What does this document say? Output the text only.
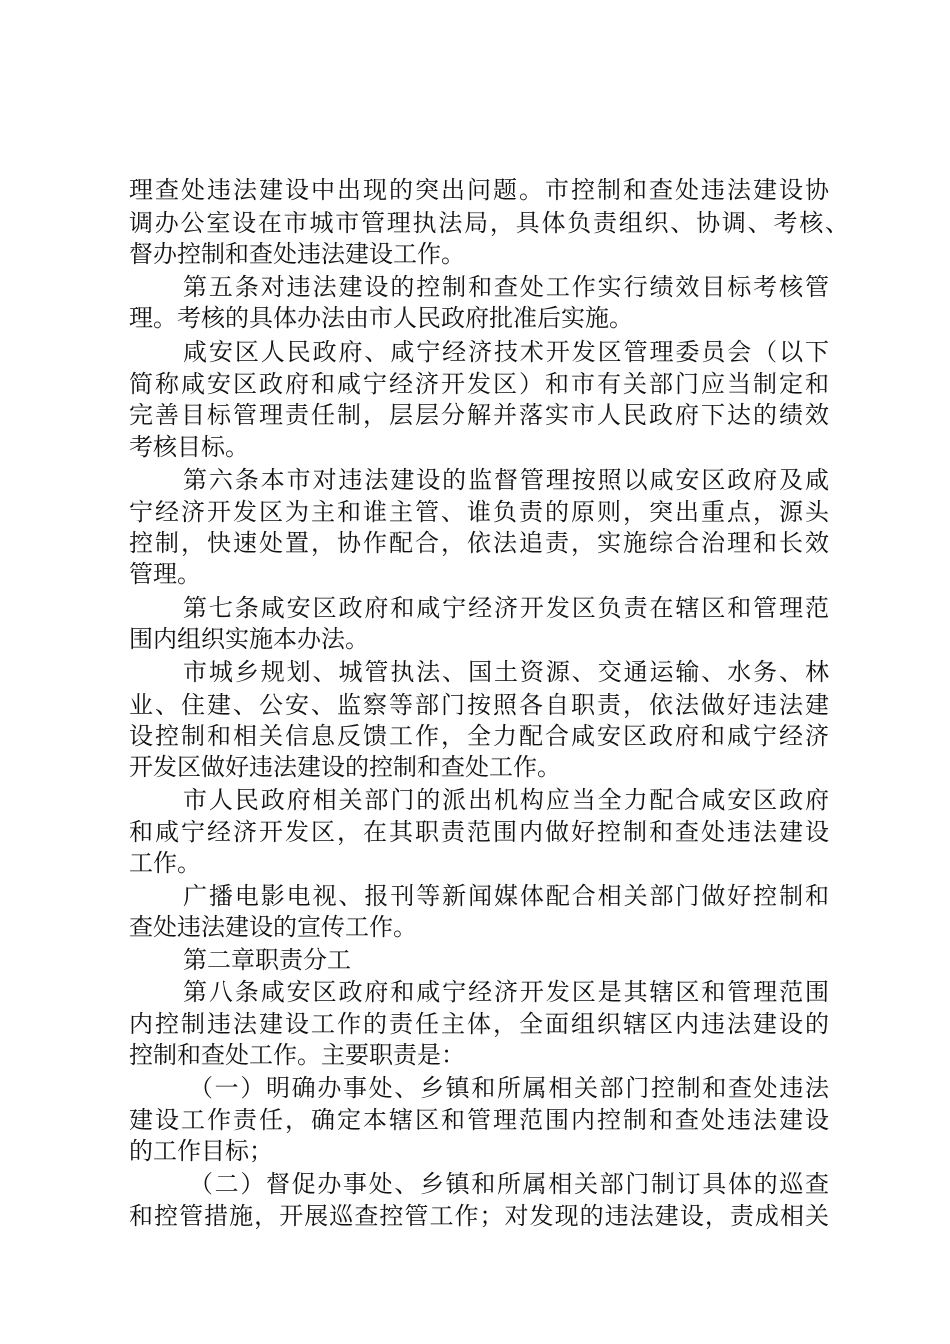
理查处违法建设中出现的突出问题。市控制和查处违法建设协
调办公室设在市城市管理执法局，具体负责组织、协调、考核、
督办控制和查处违法建设工作。
第五条对违法建设的控制和查处工作实行绩效目标考核管
理。考核的具体办法由市人民政府批准后实施。
咸安区人民政府、咸宁经济技术开发区管理委员会（以下
简称咸安区政府和咸宁经济开发区）和市有关部门应当制定和
完善目标管理责任制，层层分解并落实市人民政府下达的绩效
考核目标。
第六条本市对违法建设的监督管理按照以咸安区政府及咸
宁经济开发区为主和谁主管、谁负责的原则，突出重点，源头
控制，快速处置，协作配合，依法追责，实施综合治理和长效
管理。
第七条咸安区政府和咸宁经济开发区负责在辖区和管理范
围内组织实施本办法。
市城乡规划、城管执法、国土资源、交通运输、水务、林
业、住建、公安、监察等部门按照各自职责，依法做好违法建
设控制和相关信息反馈工作，全力配合咸安区政府和咸宁经济
开发区做好违法建设的控制和查处工作。
市人民政府相关部门的派出机构应当全力配合咸安区政府
和咸宁经济开发区，在其职责范围内做好控制和查处违法建设
工作。
广播电影电视、报刊等新闻媒体配合相关部门做好控制和
查处违法建设的宣传工作。
第二章职责分工
第八条咸安区政府和咸宁经济开发区是其辖区和管理范围
内控制违法建设工作的责任主体，全面组织辖区内违法建设的
控制和查处工作。主要职责是：
（一）明确办事处、乡镇和所属相关部门控制和查处违法
建设工作责任，确定本辖区和管理范围内控制和查处违法建设
的工作目标；
（二）督促办事处、乡镇和所属相关部门制订具体的巡查
和控管措施，开展巡查控管工作；对发现的违法建设，责成相关
